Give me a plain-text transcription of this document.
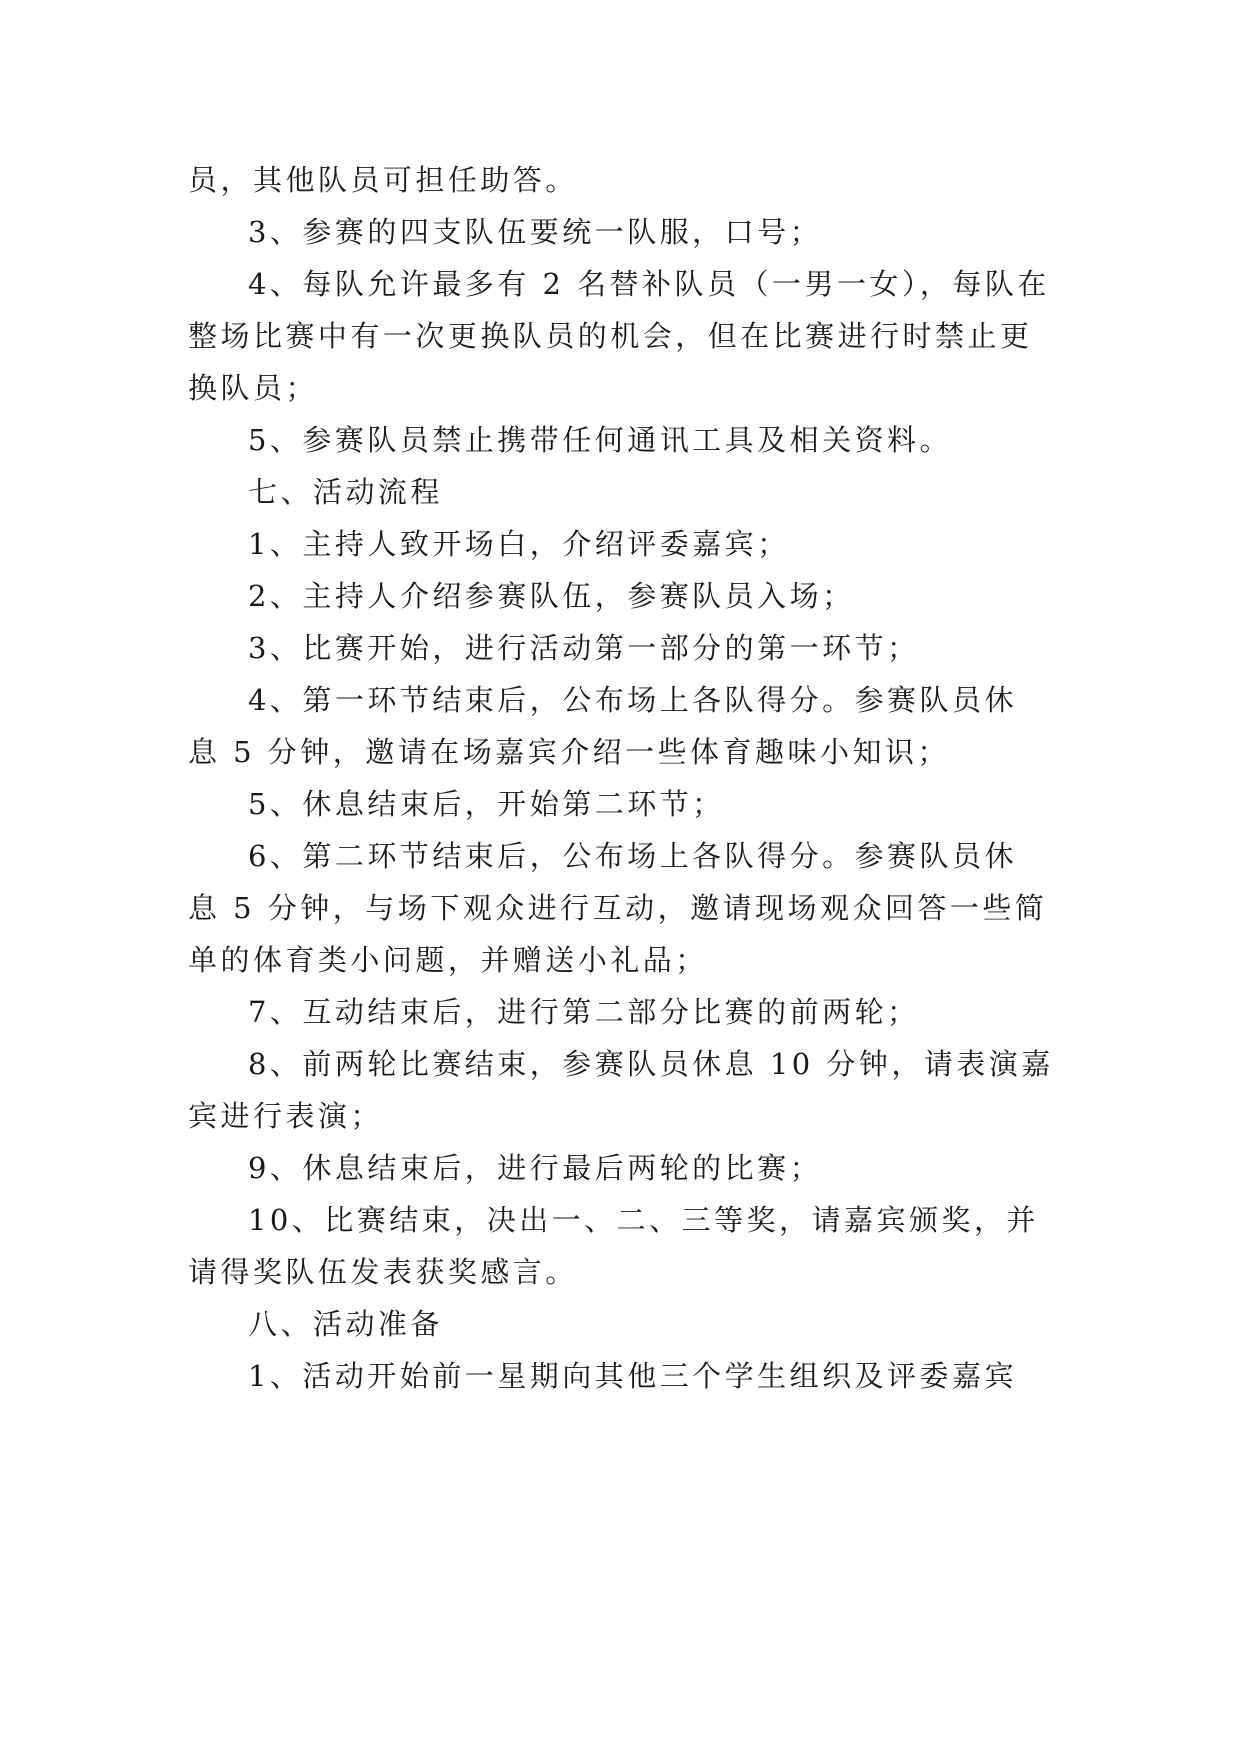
员，其他队员可担任助答。
3、参赛的四支队伍要统一队服，口号；
4、每队允许最多有 2 名替补队员（一男一女），每队在
整场比赛中有一次更换队员的机会，但在比赛进行时禁止更
换队员；
5、参赛队员禁止携带任何通讯工具及相关资料。
七、活动流程
1、主持人致开场白，介绍评委嘉宾；
2、主持人介绍参赛队伍，参赛队员入场；
3、比赛开始，进行活动第一部分的第一环节；
4、第一环节结束后，公布场上各队得分。参赛队员休
息 5 分钟，邀请在场嘉宾介绍一些体育趣味小知识；
5、休息结束后，开始第二环节；
6、第二环节结束后，公布场上各队得分。参赛队员休
息 5 分钟，与场下观众进行互动，邀请现场观众回答一些简
单的体育类小问题，并赠送小礼品；
7、互动结束后，进行第二部分比赛的前两轮；
8、前两轮比赛结束，参赛队员休息 10 分钟，请表演嘉
宾进行表演；
9、休息结束后，进行最后两轮的比赛；
10、比赛结束，决出一、二、三等奖，请嘉宾颁奖，并
请得奖队伍发表获奖感言。
八、活动准备
1、活动开始前一星期向其他三个学生组织及评委嘉宾
